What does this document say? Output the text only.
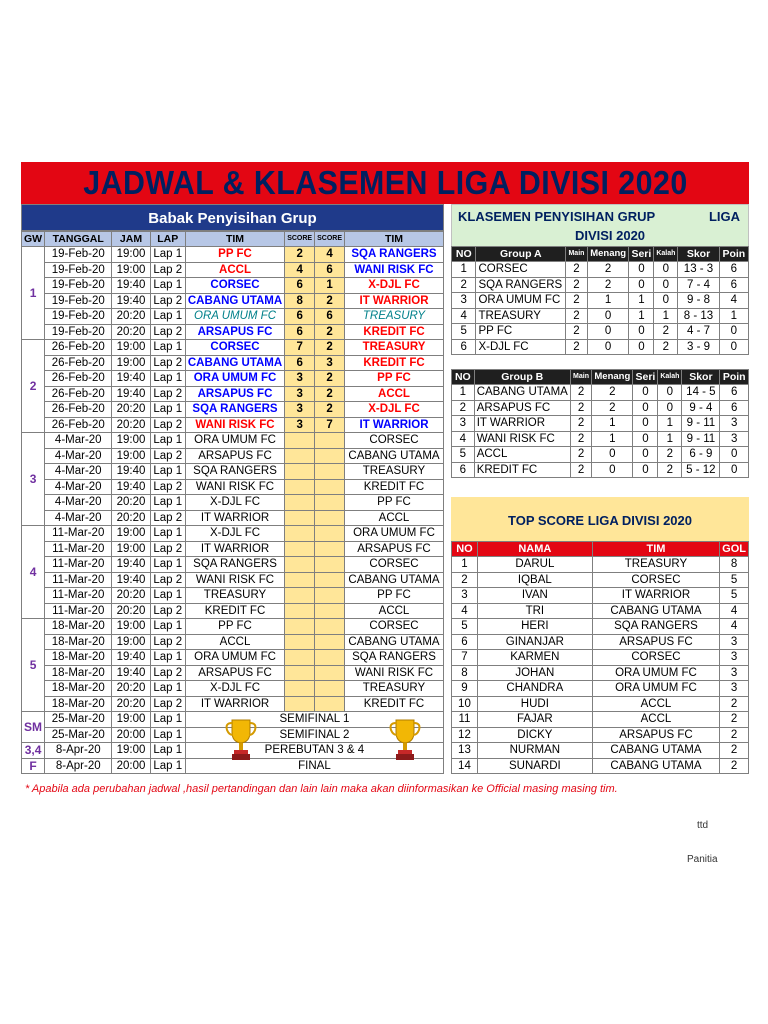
JADWAL & KLASEMEN LIGA DIVISI 2020
Babak Penyisihan Grup
GW	TANGGAL	JAM	LAP	TIM	SCORE	SCORE	TIM
1	19-Feb-20	19:00	Lap 1	PP FC	2	4	SQA RANGERS
	19-Feb-20	19:00	Lap 2	ACCL	4	6	WANI RISK FC
	19-Feb-20	19:40	Lap 1	CORSEC	6	1	X-DJL FC
	19-Feb-20	19:40	Lap 2	CABANG UTAMA	8	2	IT WARRIOR
	19-Feb-20	20:20	Lap 1	ORA UMUM FC	6	6	TREASURY
	19-Feb-20	20:20	Lap 2	ARSAPUS FC	6	2	KREDIT FC
2	26-Feb-20	19:00	Lap 1	CORSEC	7	2	TREASURY
	26-Feb-20	19:00	Lap 2	CABANG UTAMA	6	3	KREDIT FC
	26-Feb-20	19:40	Lap 1	ORA UMUM FC	3	2	PP FC
	26-Feb-20	19:40	Lap 2	ARSAPUS FC	3	2	ACCL
	26-Feb-20	20:20	Lap 1	SQA RANGERS	3	2	X-DJL FC
	26-Feb-20	20:20	Lap 2	WANI RISK FC	3	7	IT WARRIOR
3	4-Mar-20	19:00	Lap 1	ORA UMUM FC			CORSEC
	4-Mar-20	19:00	Lap 2	ARSAPUS FC			CABANG UTAMA
	4-Mar-20	19:40	Lap 1	SQA RANGERS			TREASURY
	4-Mar-20	19:40	Lap 2	WANI RISK FC			KREDIT FC
	4-Mar-20	20:20	Lap 1	X-DJL FC			PP FC
	4-Mar-20	20:20	Lap 2	IT WARRIOR			ACCL
4	11-Mar-20	19:00	Lap 1	X-DJL FC			ORA UMUM FC
	11-Mar-20	19:00	Lap 2	IT WARRIOR			ARSAPUS FC
	11-Mar-20	19:40	Lap 1	SQA RANGERS			CORSEC
	11-Mar-20	19:40	Lap 2	WANI RISK FC			CABANG UTAMA
	11-Mar-20	20:20	Lap 1	TREASURY			PP FC
	11-Mar-20	20:20	Lap 2	KREDIT FC			ACCL
5	18-Mar-20	19:00	Lap 1	PP FC			CORSEC
	18-Mar-20	19:00	Lap 2	ACCL			CABANG UTAMA
	18-Mar-20	19:40	Lap 1	ORA UMUM FC			SQA RANGERS
	18-Mar-20	19:40	Lap 2	ARSAPUS FC			WANI RISK FC
	18-Mar-20	20:20	Lap 1	X-DJL FC			TREASURY
	18-Mar-20	20:20	Lap 2	IT WARRIOR			KREDIT FC
SM	25-Mar-20	19:00	Lap 1	SEMIFINAL 1			
	25-Mar-20	20:00	Lap 1	SEMIFINAL 2			
3,4	8-Apr-20	19:00	Lap 1	PEREBUTAN 3 & 4			
F	8-Apr-20	20:00	Lap 1	FINAL			
KLASEMEN PENYISIHAN GRUP	LIGA
DIVISI 2020
NO	Group A	Main	Menang	Seri	Kalah	Skor	Poin
1	CORSEC	2	2	0	0	13 - 3	6
2	SQA RANGERS	2	2	0	0	7 - 4	6
3	ORA UMUM FC	2	1	1	0	9 - 8	4
4	TREASURY	2	0	1	1	8 - 13	1
5	PP FC	2	0	0	2	4 - 7	0
6	X-DJL FC	2	0	0	2	3 - 9	0
NO	Group B	Main	Menang	Seri	Kalah	Skor	Poin
1	CABANG UTAMA	2	2	0	0	14 - 5	6
2	ARSAPUS FC	2	2	0	0	9 - 4	6
3	IT WARRIOR	2	1	0	1	9 - 11	3
4	WANI RISK FC	2	1	0	1	9 - 11	3
5	ACCL	2	0	0	2	6 - 9	0
6	KREDIT FC	2	0	0	2	5 - 12	0
TOP SCORE LIGA DIVISI 2020
NO	NAMA	TIM	GOL
1	DARUL	TREASURY	8
2	IQBAL	CORSEC	5
3	IVAN	IT WARRIOR	5
4	TRI	CABANG UTAMA	4
5	HERI	SQA RANGERS	4
6	GINANJAR	ARSAPUS FC	3
7	KARMEN	CORSEC	3
8	JOHAN	ORA UMUM FC	3
9	CHANDRA	ORA UMUM FC	3
10	HUDI	ACCL	2
11	FAJAR	ACCL	2
12	DICKY	ARSAPUS FC	2
13	NURMAN	CABANG UTAMA	2
14	SUNARDI	CABANG UTAMA	2
* Apabila ada perubahan jadwal ,hasil pertandingan dan lain lain maka akan diinformasikan ke Official masing masing tim.
ttd
Panitia
